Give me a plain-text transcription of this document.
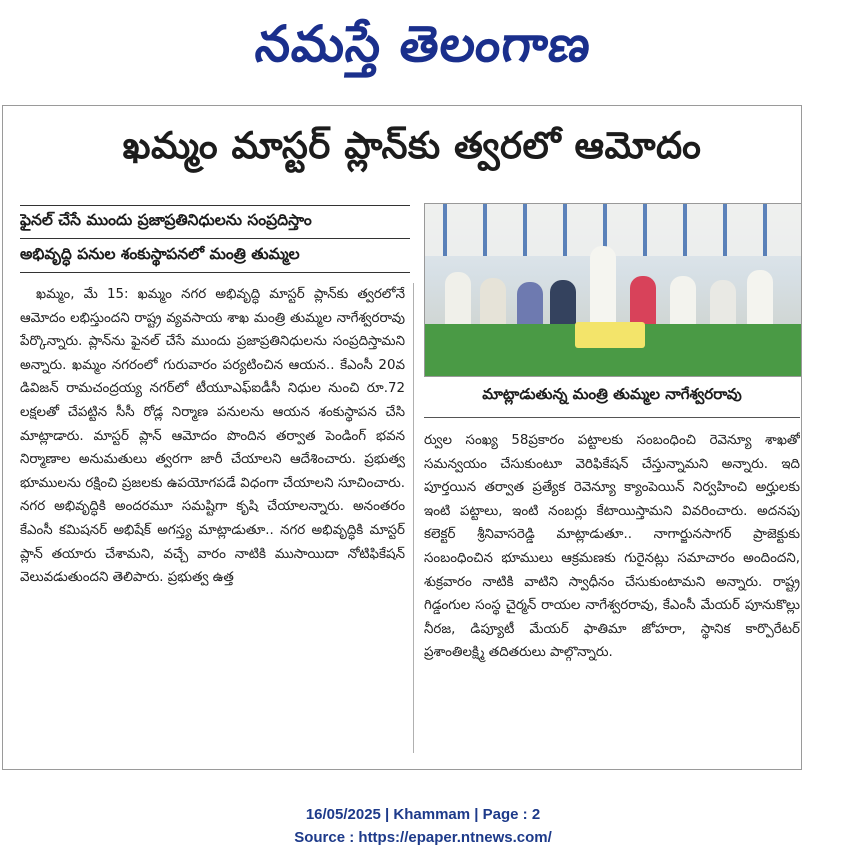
నమస్తే తెలంగాణ
ఖమ్మం మాస్టర్ ప్లాన్‌కు త్వరలో ఆమోదం
ఫైనల్ చేసే ముందు ప్రజాప్రతినిధులను సంప్రదిస్తాం
అభివృద్ధి పనుల శంకుస్థాపనలో మంత్రి తుమ్మల

ఖమ్మం, మే 15: ఖమ్మం నగర అభివృద్ధి మాస్టర్ ప్లాన్‌కు త్వరలోనే ఆమోదం లభిస్తుందని రాష్ట్ర వ్యవసాయ శాఖ మంత్రి తుమ్మల నాగేశ్వరరావు పేర్కొన్నారు. ప్లాన్‌ను ఫైనల్ చేసే ముందు ప్రజాప్రతినిధులను సంప్రదిస్తామని అన్నారు. ఖమ్మం నగరంలో గురువారం పర్యటించిన ఆయన.. కేఎంసీ 20వ డివిజన్ రామచంద్రయ్య నగర్‌లో టీయూఎఫ్ఐడీసీ నిధుల నుంచి రూ.72 లక్షలతో చేపట్టిన సీసీ రోడ్ల నిర్మాణ పనులను ఆయన శంకుస్థాపన చేసి మాట్లాడారు. మాస్టర్ ప్లాన్ ఆమోదం పొందిన తర్వాత పెండింగ్ భవన నిర్మాణాల అనుమతులు త్వరగా జారీ చేయాలని ఆదేశించారు. ప్రభుత్వ భూములను రక్షించి ప్రజలకు ఉపయోగపడే విధంగా చేయాలని సూచించారు. నగర అభివృద్ధికి అందరమూ సమష్టిగా కృషి చేయాలన్నారు. అనంతరం కేఎంసీ కమిషనర్ అభిషేక్ అగస్త్య మాట్లాడుతూ.. నగర అభివృద్ధికి మాస్టర్ ప్లాన్ తయారు చేశామని, వచ్చే వారం నాటికి ముసాయిదా నోటిఫికేషన్ వెలువడుతుందని తెలిపారు. ప్రభుత్వ ఉత్త

మాట్లాడుతున్న మంత్రి తుమ్మల నాగేశ్వరరావు

ర్వుల సంఖ్య 58ప్రకారం పట్టాలకు సంబంధించి రెవెన్యూ శాఖతో సమన్వయం చేసుకుంటూ వెరిఫికేషన్ చేస్తున్నామని అన్నారు. ఇది పూర్తయిన తర్వాత ప్రత్యేక రెవెన్యూ క్యాంపెయిన్ నిర్వహించి అర్హులకు ఇంటి పట్టాలు, ఇంటి నంబర్లు కేటాయిస్తామని వివరించారు. అదనపు కలెక్టర్ శ్రీనివాసరెడ్డి మాట్లాడుతూ.. నాగార్జునసాగర్ ప్రాజెక్టుకు సంబంధించిన భూములు ఆక్రమణకు గురైనట్లు సమాచారం అందిందని, శుక్రవారం నాటికి వాటిని స్వాధీనం చేసుకుంటామని అన్నారు. రాష్ట్ర గిడ్డంగుల సంస్థ చైర్మన్ రాయల నాగేశ్వరరావు, కేఎంసీ మేయర్ పూనుకొల్లు నీరజ, డిప్యూటీ మేయర్ ఫాతిమా జోహరా, స్థానిక కార్పొరేటర్ ప్రశాంతిలక్ష్మి తదితరులు పాల్గొన్నారు.

16/05/2025 | Khammam | Page : 2
Source : https://epaper.ntnews.com/
